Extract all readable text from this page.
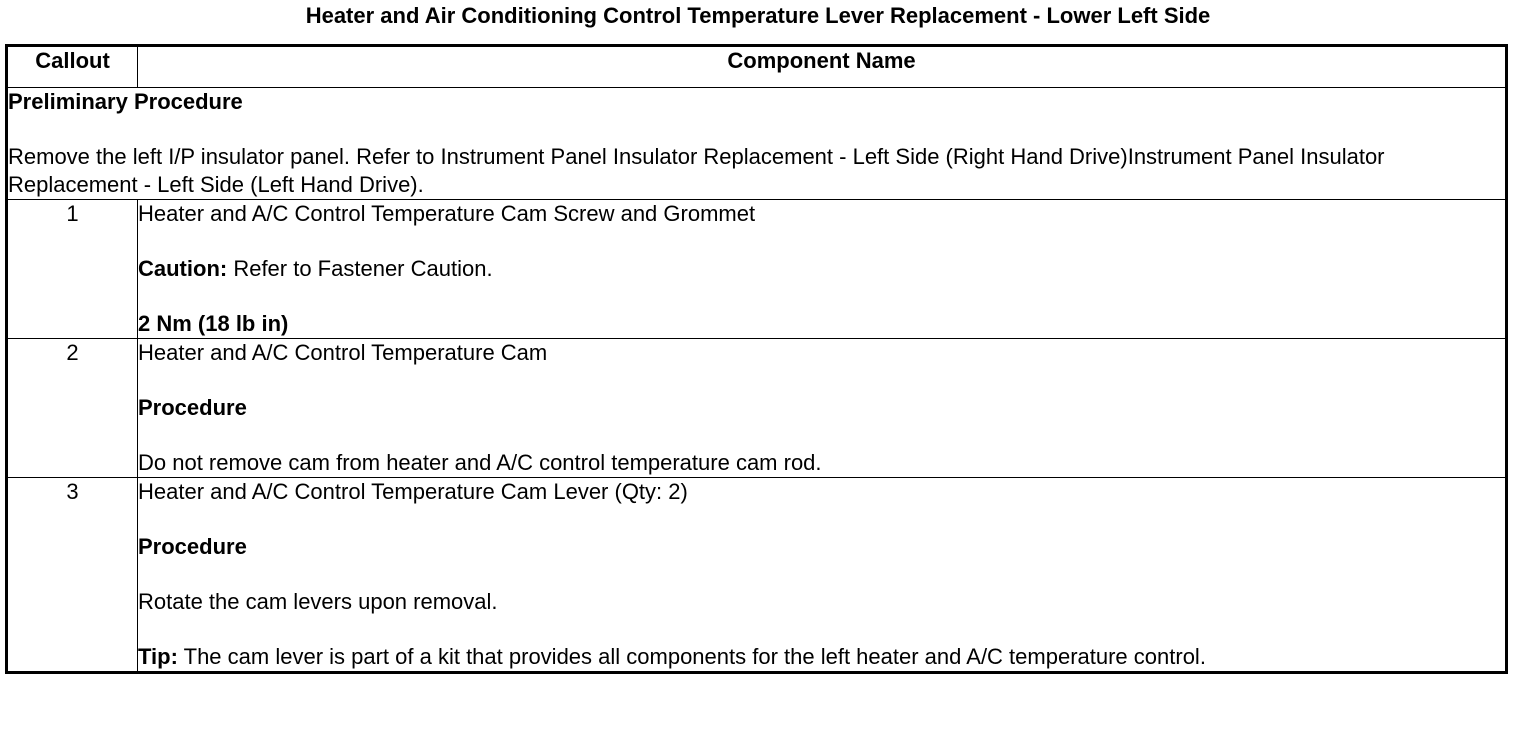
Heater and Air Conditioning Control Temperature Lever Replacement - Lower Left Side
Callout	Component Name

Preliminary Procedure

Remove the left I/P insulator panel. Refer to Instrument Panel Insulator Replacement - Left Side (Right Hand Drive)Instrument Panel Insulator Replacement - Left Side (Left Hand Drive).	

1	Heater and A/C Control Temperature Cam Screw and Grommet

Caution: Refer to Fastener Caution.

2 Nm (18 lb in)

2	Heater and A/C Control Temperature Cam

Procedure

Do not remove cam from heater and A/C control temperature cam rod.

3	Heater and A/C Control Temperature Cam Lever (Qty: 2)

Procedure

Rotate the cam levers upon removal.

Tip: The cam lever is part of a kit that provides all components for the left heater and A/C temperature control.
